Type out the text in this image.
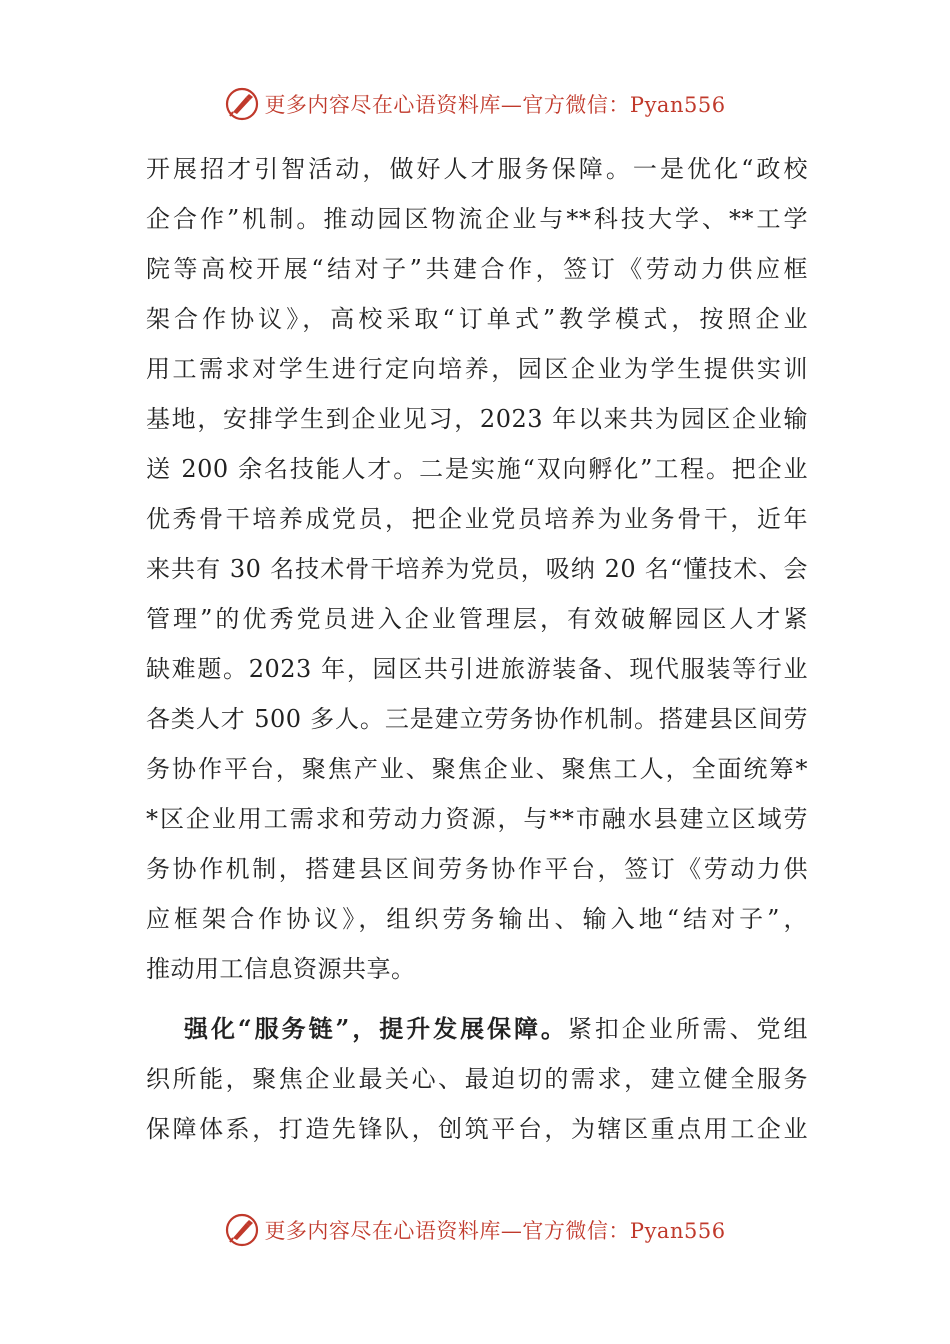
更多内容尽在心语资料库—官方微信：Pyan556
开展招才引智活动，做好人才服务保障。一是优化“政校
企合作”机制。推动园区物流企业与**科技大学、**工学
院等高校开展“结对子”共建合作，签订《劳动力供应框
架合作协议》，高校采取“订单式”教学模式，按照企业
用工需求对学生进行定向培养，园区企业为学生提供实训
基地，安排学生到企业见习，2023 年以来共为园区企业输
送 200 余名技能人才。二是实施“双向孵化”工程。把企业
优秀骨干培养成党员，把企业党员培养为业务骨干，近年
来共有 30 名技术骨干培养为党员，吸纳 20 名“懂技术、会
管理”的优秀党员进入企业管理层，有效破解园区人才紧
缺难题。2023 年，园区共引进旅游装备、现代服装等行业
各类人才 500 多人。三是建立劳务协作机制。搭建县区间劳
务协作平台，聚焦产业、聚焦企业、聚焦工人，全面统筹*
*区企业用工需求和劳动力资源，与**市融水县建立区域劳
务协作机制，搭建县区间劳务协作平台，签订《劳动力供
应框架合作协议》，组织劳务输出、输入地“结对子”，
推动用工信息资源共享。
强化“服务链”，提升发展保障。紧扣企业所需、党组
织所能，聚焦企业最关心、最迫切的需求，建立健全服务
保障体系，打造先锋队，创筑平台，为辖区重点用工企业
更多内容尽在心语资料库—官方微信：Pyan556
